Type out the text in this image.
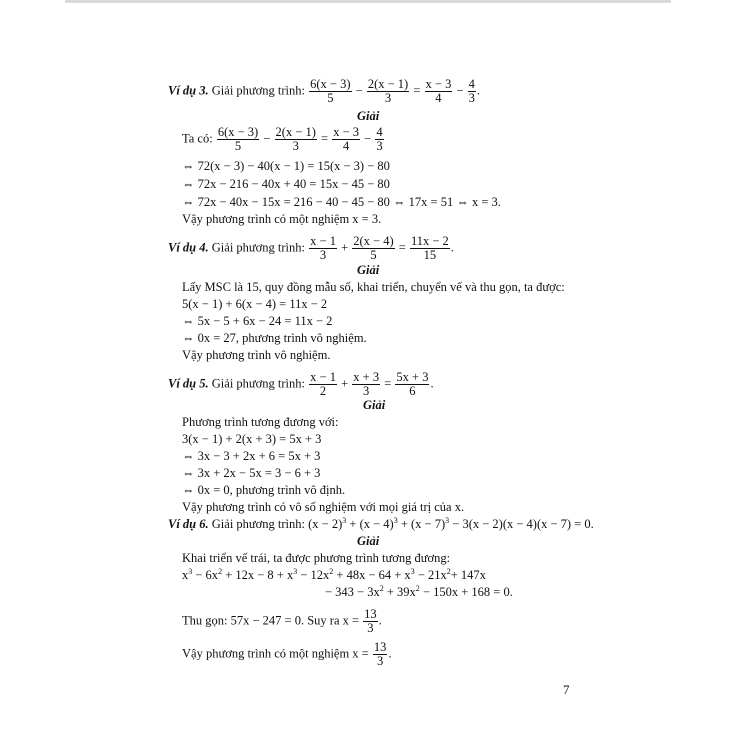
Ví dụ 3. Giải phương trình: $\frac{6(x - 3)}{5} - \frac{2(x - 1)}{3} = \frac{x - 3}{4} - \frac{4}{3}$ .
Giải
Ta có: $\frac{6(x - 3)}{5} - \frac{2(x - 1)}{3} = \frac{x - 3}{4} - \frac{4}{3}$
⇔ 72(x − 3) − 40(x − 1) = 15(x − 3) − 80
⇔ 72x − 216 − 40x + 40 = 15x − 45 − 80
⇔ 72x − 40x − 15x = 216 − 40 − 45 − 80 ⇔ 17x = 51 ⇔ x = 3.
Vậy phương trình có một nghiệm x = 3.
Ví dụ 4. Giải phương trình: $\frac{x - 1}{3} + \frac{2(x - 4)}{5} = \frac{11x - 2}{15}$ .
Giải
Lấy MSC là 15, quy đồng mẫu số, khai triển, chuyển vế và thu gọn, ta được:
5(x − 1) + 6(x − 4) = 11x − 2
⇔ 5x − 5 + 6x − 24 = 11x − 2
⇔ 0x = 27, phương trình vô nghiệm.
Vậy phương trình vô nghiệm.
Ví dụ 5. Giải phương trình: $\frac{x - 1}{2} + \frac{x + 3}{3} = \frac{5x + 3}{6}$ .
Giải
Phương trình tương đương với:
3(x − 1) + 2(x + 3) = 5x + 3
⇔ 3x − 3 + 2x + 6 = 5x + 3
⇔ 3x + 2x − 5x = 3 − 6 + 3
⇔ 0x = 0, phương trình vô định.
Vậy phương trình có vô số nghiệm với mọi giá trị của x.
Ví dụ 6. Giải phương trình: $(x - 2)^3 + (x - 4)^3 + (x - 7)^3 - 3(x - 2)(x - 4)(x - 7) = 0$.
Giải
Khai triển vế trái, ta được phương trình tương đương:
$x^3 - 6x^2 + 12x - 8 + x^3 - 12x^2 + 48x - 64 + x^3 - 21x^2+ 147x$
− $343 - 3x^2 + 39x^2 - 150x + 168 = 0$.
Thu gọn: 57x − 247 = 0. Suy ra $x = \frac{13}{3}$ .
Vậy phương trình có một nghiệm $x = \frac{13}{3}$ .
7
